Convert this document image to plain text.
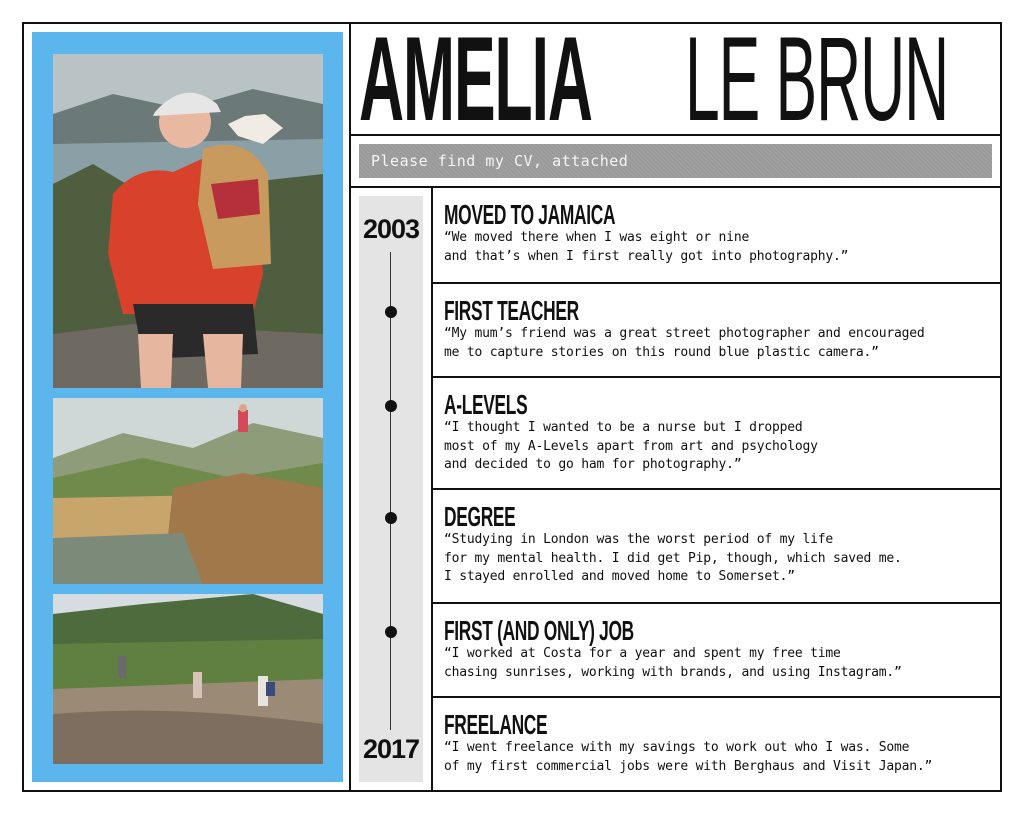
AMELIA LE BRUN
Please find my CV, attached
2003
2017
MOVED TO JAMAICA
“We moved there when I was eight or nine
and that’s when I first really got into photography.”
FIRST TEACHER
“My mum’s friend was a great street photographer and encouraged
me to capture stories on this round blue plastic camera.”
A-LEVELS
“I thought I wanted to be a nurse but I dropped
most of my A-Levels apart from art and psychology
and decided to go ham for photography.”
DEGREE
“Studying in London was the worst period of my life
for my mental health. I did get Pip, though, which saved me.
I stayed enrolled and moved home to Somerset.”
FIRST (AND ONLY) JOB
“I worked at Costa for a year and spent my free time
chasing sunrises, working with brands, and using Instagram.”
FREELANCE
“I went freelance with my savings to work out who I was. Some
of my first commercial jobs were with Berghaus and Visit Japan.”
